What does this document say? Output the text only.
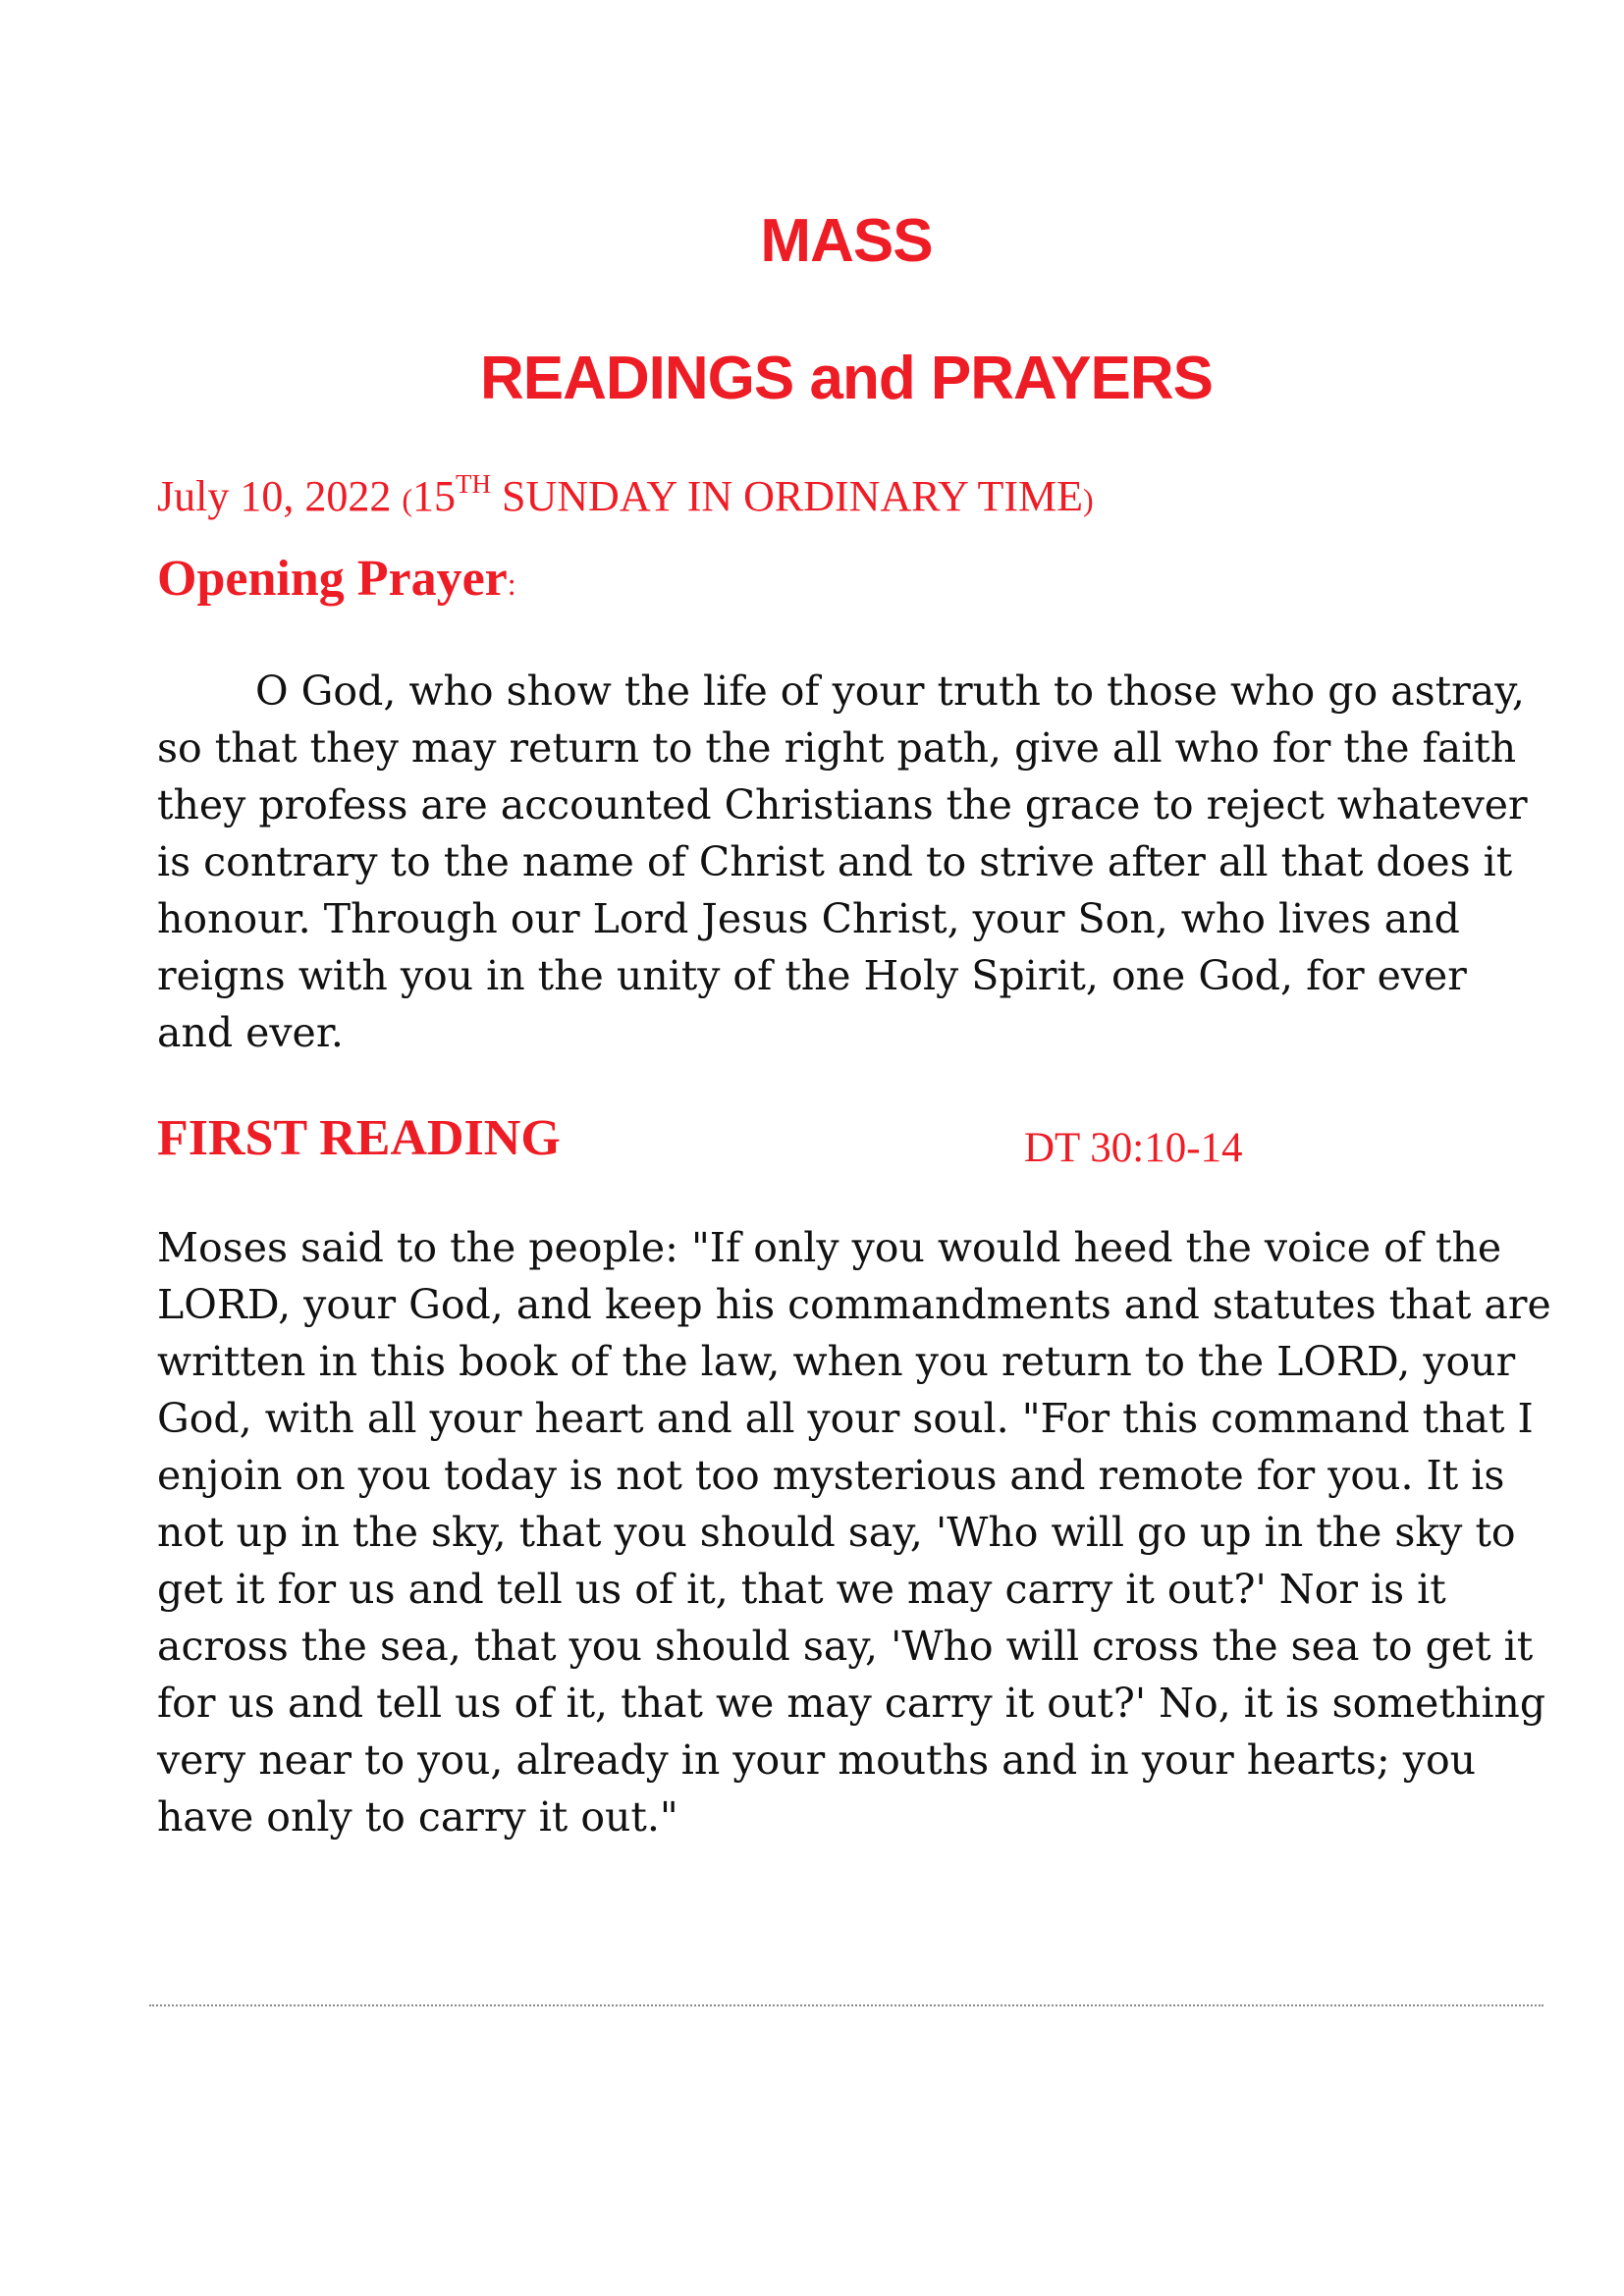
MASS
READINGS and PRAYERS

July 10, 2022 (15TH SUNDAY IN ORDINARY TIME)

Opening Prayer:

O God, who show the life of your truth to those who go astray, so that they may return to the right path, give all who for the faith they profess are accounted Christians the grace to reject whatever is contrary to the name of Christ and to strive after all that does it honour. Through our Lord Jesus Christ, your Son, who lives and reigns with you in the unity of the Holy Spirit, one God, for ever and ever.

FIRST READING	DT 30:10-14

Moses said to the people: "If only you would heed the voice of the LORD, your God, and keep his commandments and statutes that are written in this book of the law, when you return to the LORD, your God, with all your heart and all your soul. "For this command that I enjoin on you today is not too mysterious and remote for you. It is not up in the sky, that you should say, 'Who will go up in the sky to get it for us and tell us of it, that we may carry it out?' Nor is it across the sea, that you should say, 'Who will cross the sea to get it for us and tell us of it, that we may carry it out?' No, it is something very near to you, already in your mouths and in your hearts; you have only to carry it out."
